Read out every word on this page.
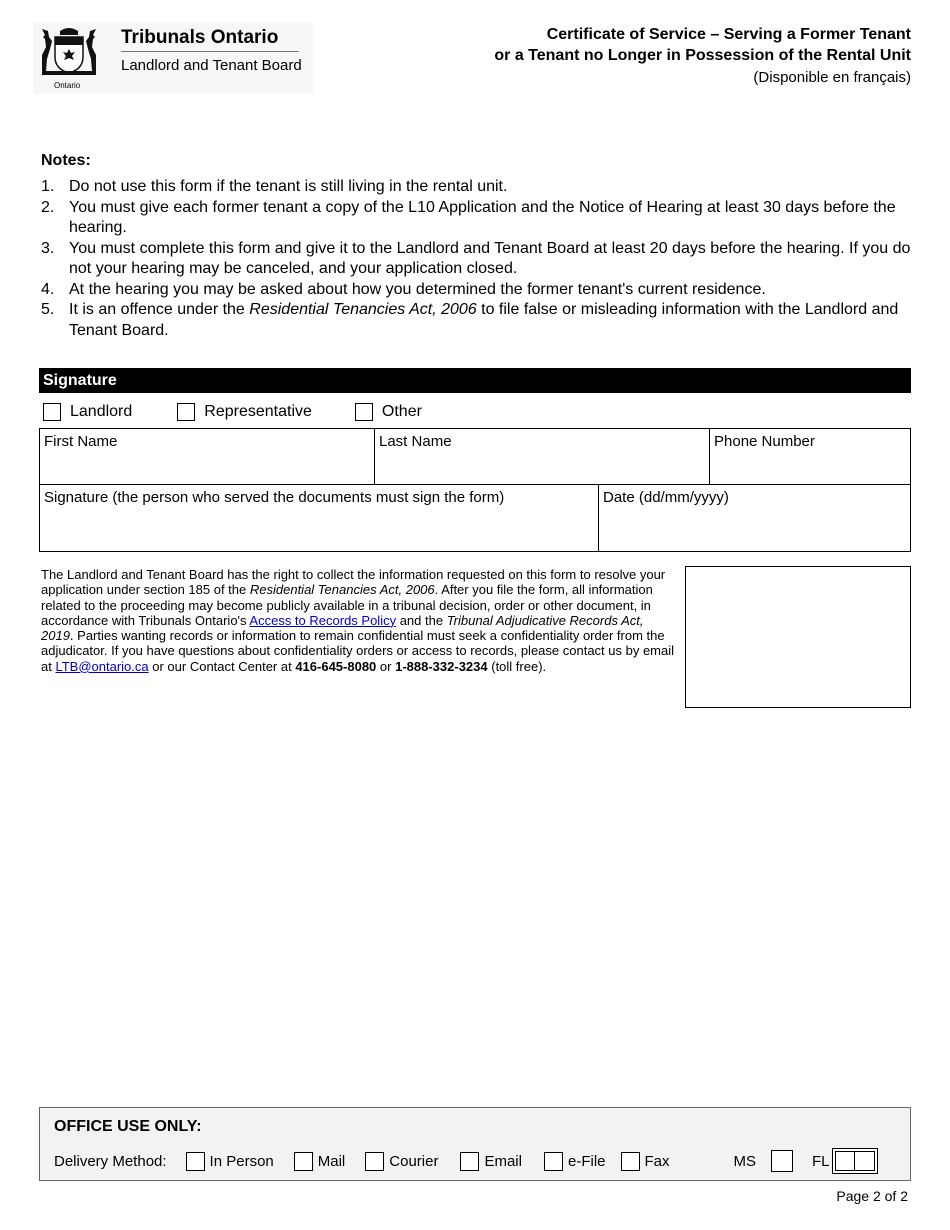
Ontario
Tribunals Ontario
Landlord and Tenant Board
Certificate of Service – Serving a Former Tenant
or a Tenant no Longer in Possession of the Rental Unit
(Disponible en français)
Notes:
1. Do not use this form if the tenant is still living in the rental unit.
2. You must give each former tenant a copy of the L10 Application and the Notice of Hearing at least 30 days before the hearing.
3. You must complete this form and give it to the Landlord and Tenant Board at least 20 days before the hearing. If you do not your hearing may be canceled, and your application closed.
4. At the hearing you may be asked about how you determined the former tenant's current residence.
5. It is an offence under the Residential Tenancies Act, 2006 to file false or misleading information with the Landlord and Tenant Board.
Signature
Landlord	Representative	Other
First Name	Last Name	Phone Number
Signature (the person who served the documents must sign the form)	Date (dd/mm/yyyy)
The Landlord and Tenant Board has the right to collect the information requested on this form to resolve your application under section 185 of the Residential Tenancies Act, 2006. After you file the form, all information related to the proceeding may become publicly available in a tribunal decision, order or other document, in accordance with Tribunals Ontario's Access to Records Policy and the Tribunal Adjudicative Records Act, 2019. Parties wanting records or information to remain confidential must seek a confidentiality order from the adjudicator. If you have questions about confidentiality orders or access to records, please contact us by email at LTB@ontario.ca or our Contact Center at 416-645-8080 or 1-888-332-3234 (toll free).
OFFICE USE ONLY:
Delivery Method:	In Person	Mail	Courier	Email	e-File	Fax	MS	FL
Page 2 of 2
